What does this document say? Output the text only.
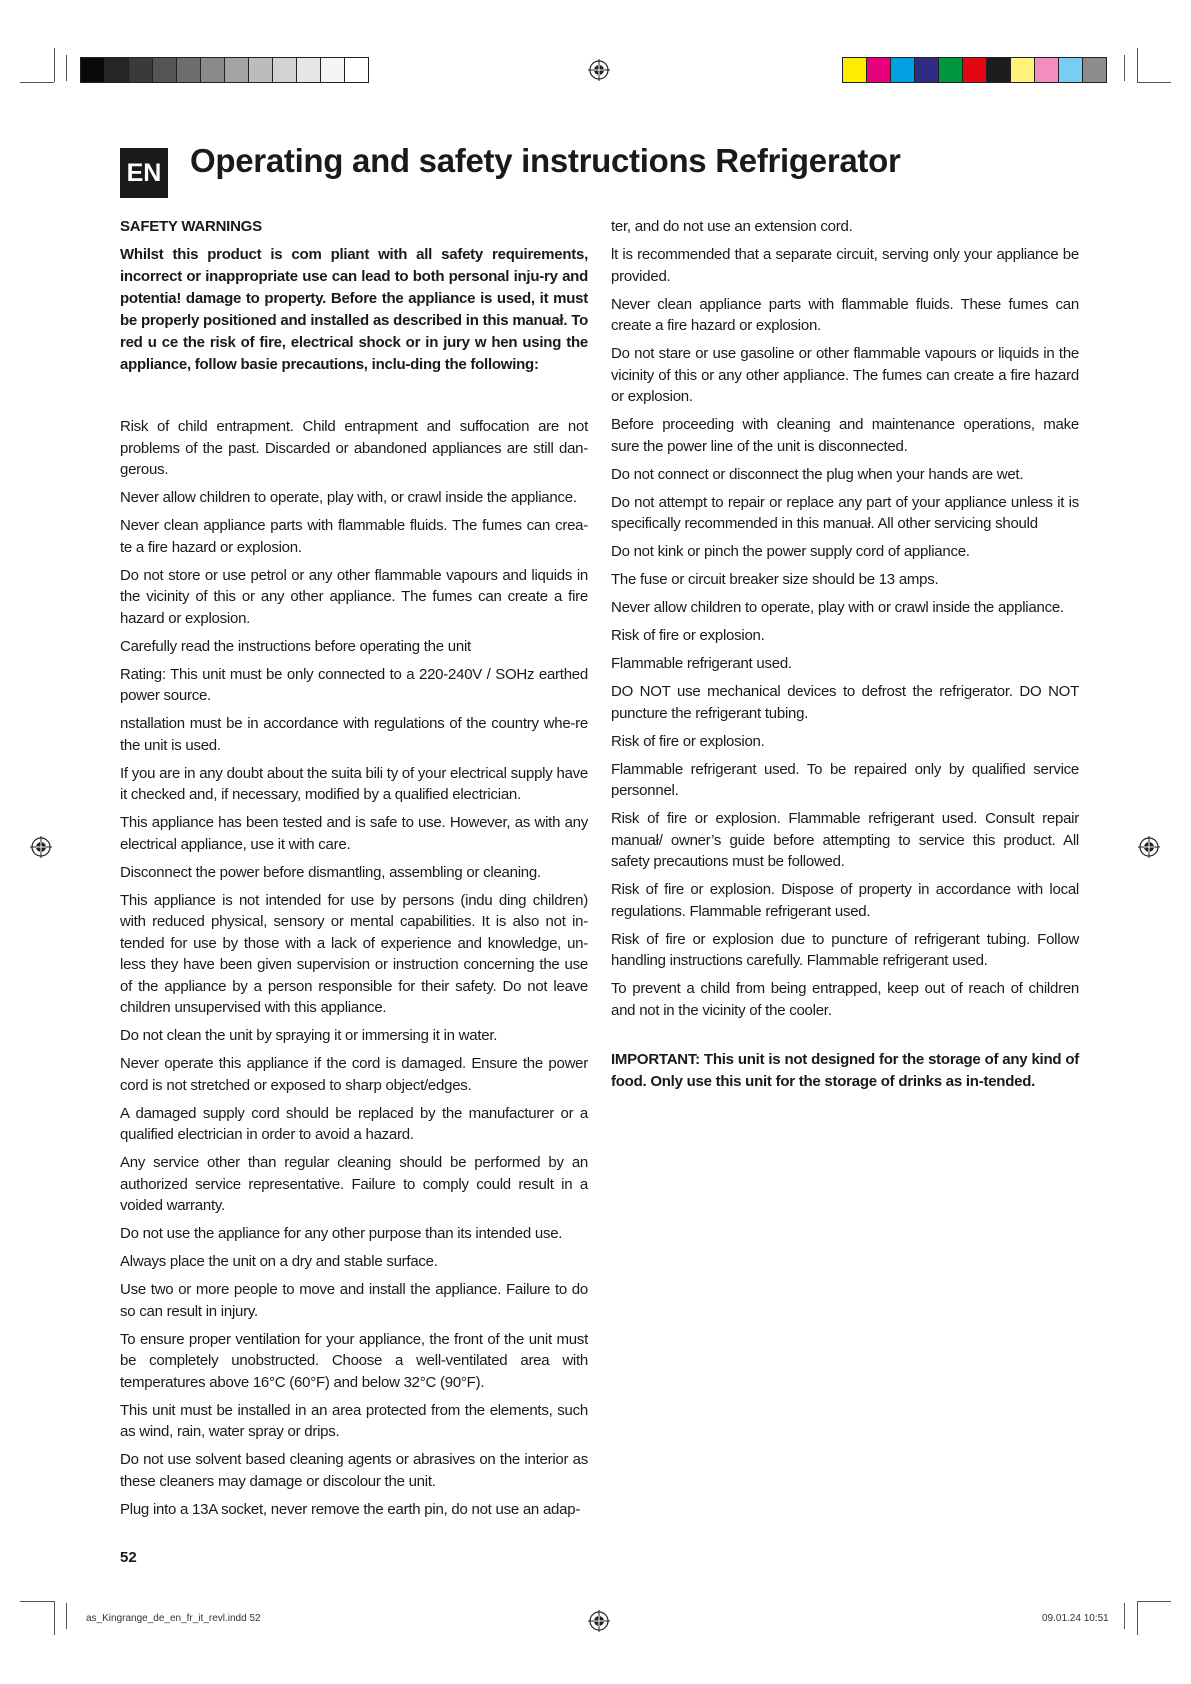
EN Operating and safety instructions Refrigerator

SAFETY WARNINGS

Whilst this product is com pliant with all safety requirements, incorrect or inappropriate use can lead to both personal inju-ry and potentia! damage to property. Before the appliance is used, it must be properly positioned and installed as described in this manuał. To red u ce the risk of fire, electrical shock or in jury w hen using the appliance, follow basie precautions, inclu-ding the following:

Risk of child entrapment. Child entrapment and suffocation are not problems of the past. Discarded or abandoned appliances are still dan-gerous.

Never allow children to operate, play with, or crawl inside the appliance.

Never clean appliance parts with flammable fluids. The fumes can crea-te a fire hazard or explosion.

Do not store or use petrol or any other flammable vapours and liquids in the vicinity of this or any other appliance. The fumes can create a fire hazard or explosion.

Carefully read the instructions before operating the unit

Rating: This unit must be only connected to a 220-240V / SOHz earthed power source.

nstallation must be in accordance with regulations of the country whe-re the unit is used.

If you are in any doubt about the suita bili ty of your electrical supply have it checked and, if necessary, modified by a qualified electrician.

This appliance has been tested and is safe to use. However, as with any electrical appliance, use it with care.

Disconnect the power before dismantling, assembling or cleaning.

This appliance is not intended for use by persons (indu ding children) with reduced physical, sensory or mental capabilities. It is also not in-tended for use by those with a lack of experience and knowledge, un-less they have been given supervision or instruction concerning the use of the appliance by a person responsible for their safety. Do not leave children unsupervised with this appliance.

Do not clean the unit by spraying it or immersing it in water.

Never operate this appliance if the cord is damaged. Ensure the power cord is not stretched or exposed to sharp object/edges.

A damaged supply cord should be replaced by the manufacturer or a qualified electrician in order to avoid a hazard.

Any service other than regular cleaning should be performed by an authorized service representative. Failure to comply could result in a voided warranty.

Do not use the appliance for any other purpose than its intended use.

Always place the unit on a dry and stable surface.

Use two or more people to move and install the appliance. Failure to do so can result in injury.

To ensure proper ventilation for your appliance, the front of the unit must be completely unobstructed. Choose a well-ventilated area with temperatures above 16°C (60°F) and below 32°C (90°F).

This unit must be installed in an area protected from the elements, such as wind, rain, water spray or drips.

Do not use solvent based cleaning agents or abrasives on the interior as these cleaners may damage or discolour the unit.

Plug into a 13A socket, never remove the earth pin, do not use an adap-

ter, and do not use an extension cord.

lt is recommended that a separate circuit, serving only your appliance be provided.

Never clean appliance parts with flammable fluids. These fumes can create a fire hazard or explosion.

Do not stare or use gasoline or other flammable vapours or liquids in the vicinity of this or any other appliance. The fumes can create a fire hazard or explosion.

Before proceeding with cleaning and maintenance operations, make sure the power line of the unit is disconnected.

Do not connect or disconnect the plug when your hands are wet.

Do not attempt to repair or replace any part of your appliance unless it is specifically recommended in this manuał. All other servicing should

Do not kink or pinch the power supply cord of appliance.

The fuse or circuit breaker size should be 13 amps.

Never allow children to operate, play with or crawl inside the appliance.

Risk of fire or explosion.

Flammable refrigerant used.

DO NOT use mechanical devices to defrost the refrigerator. DO NOT puncture the refrigerant tubing.

Risk of fire or explosion.

Flammable refrigerant used. To be repaired only by qualified service personnel.

Risk of fire or explosion. Flammable refrigerant used. Consult repair manuał/ owner’s guide before attempting to service this product. All safety precautions must be followed.

Risk of fire or explosion. Dispose of property in accordance with local regulations. Flammable refrigerant used.

Risk of fire or explosion due to puncture of refrigerant tubing. Follow handling instructions carefully. Flammable refrigerant used.

To prevent a child from being entrapped, keep out of reach of children and not in the vicinity of the cooler.

IMPORTANT: This unit is not designed for the storage of any kind of food. Only use this unit for the storage of drinks as in-tended.

52
as_Kingrange_de_en_fr_it_revl.indd 52	09.01.24 10:51
